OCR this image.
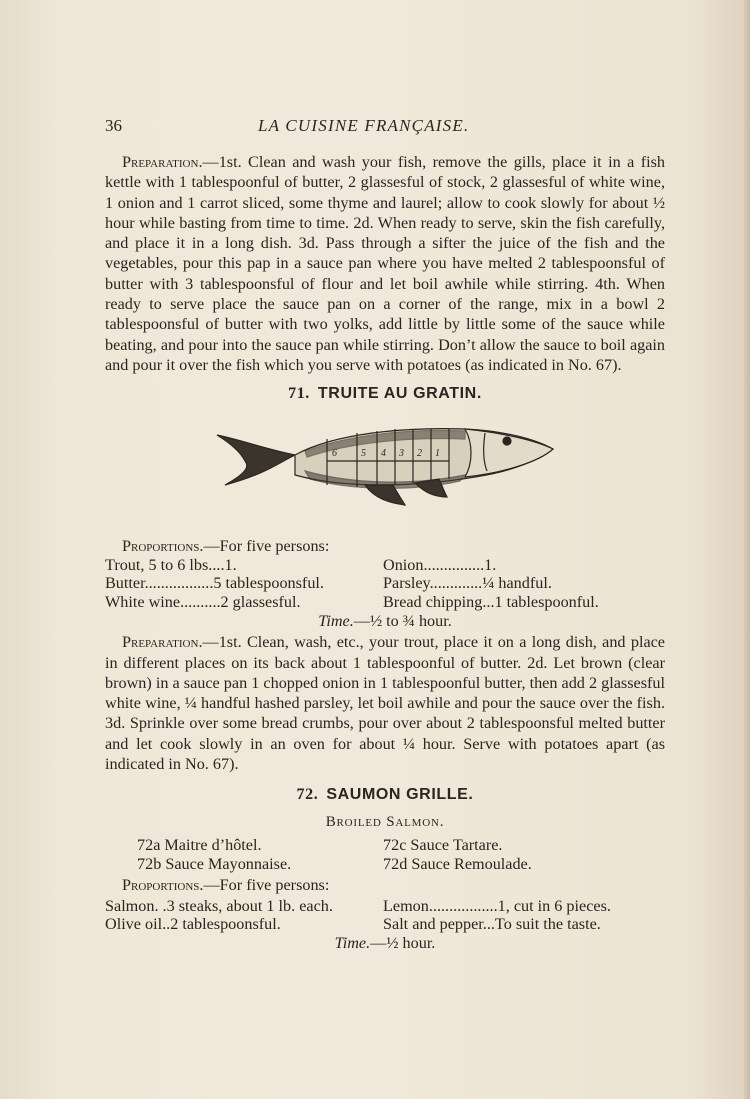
36	LA CUISINE FRANÇAISE.

Preparation.—1st. Clean and wash your fish, remove the gills, place it in a fish kettle with 1 tablespoonful of butter, 2 glassesful of stock, 2 glassesful of white wine, 1 onion and 1 carrot sliced, some thyme and laurel; allow to cook slowly for about ½ hour while basting from time to time. 2d. When ready to serve, skin the fish carefully, and place it in a long dish. 3d. Pass through a sifter the juice of the fish and the vegetables, pour this pap in a sauce pan where you have melted 2 tablespoonsful of butter with 3 tablespoonsful of flour and let boil awhile while stirring. 4th. When ready to serve place the sauce pan on a corner of the range, mix in a bowl 2 tablespoonsful of butter with two yolks, add little by little some of the sauce while beating, and pour into the sauce pan while stirring. Don’t allow the sauce to boil again and pour it over the fish which you serve with potatoes (as indicated in No. 67).

71. TRUITE AU GRATIN.
6 5 4 3 2 1
Proportions.—For five persons:
Trout, 5 to 6 lbs....1.	Onion...............1.
Butter.................5 tablespoonsful.	Parsley.............¼ handful.
White wine..........2 glassesful.	Bread chipping...1 tablespoonful.
Time.—½ to ¾ hour.

Preparation.—1st. Clean, wash, etc., your trout, place it on a long dish, and place in different places on its back about 1 tablespoonful of butter. 2d. Let brown (clear brown) in a sauce pan 1 chopped onion in 1 tablespoonful butter, then add 2 glassesful white wine, ¼ handful hashed parsley, let boil awhile and pour the sauce over the fish. 3d. Sprinkle over some bread crumbs, pour over about 2 tablespoonsful melted butter and let cook slowly in an oven for about ¼ hour. Serve with potatoes apart (as indicated in No. 67).

72. SAUMON GRILLE.
Broiled Salmon.
72a Maitre d’hôtel.	72c Sauce Tartare.
72b Sauce Mayonnaise.	72d Sauce Remoulade.
Proportions.—For five persons:
Salmon. .3 steaks, about 1 lb. each.	Lemon.................1, cut in 6 pieces.
Olive oil..2 tablespoonsful.	Salt and pepper...To suit the taste.
Time.—½ hour.
